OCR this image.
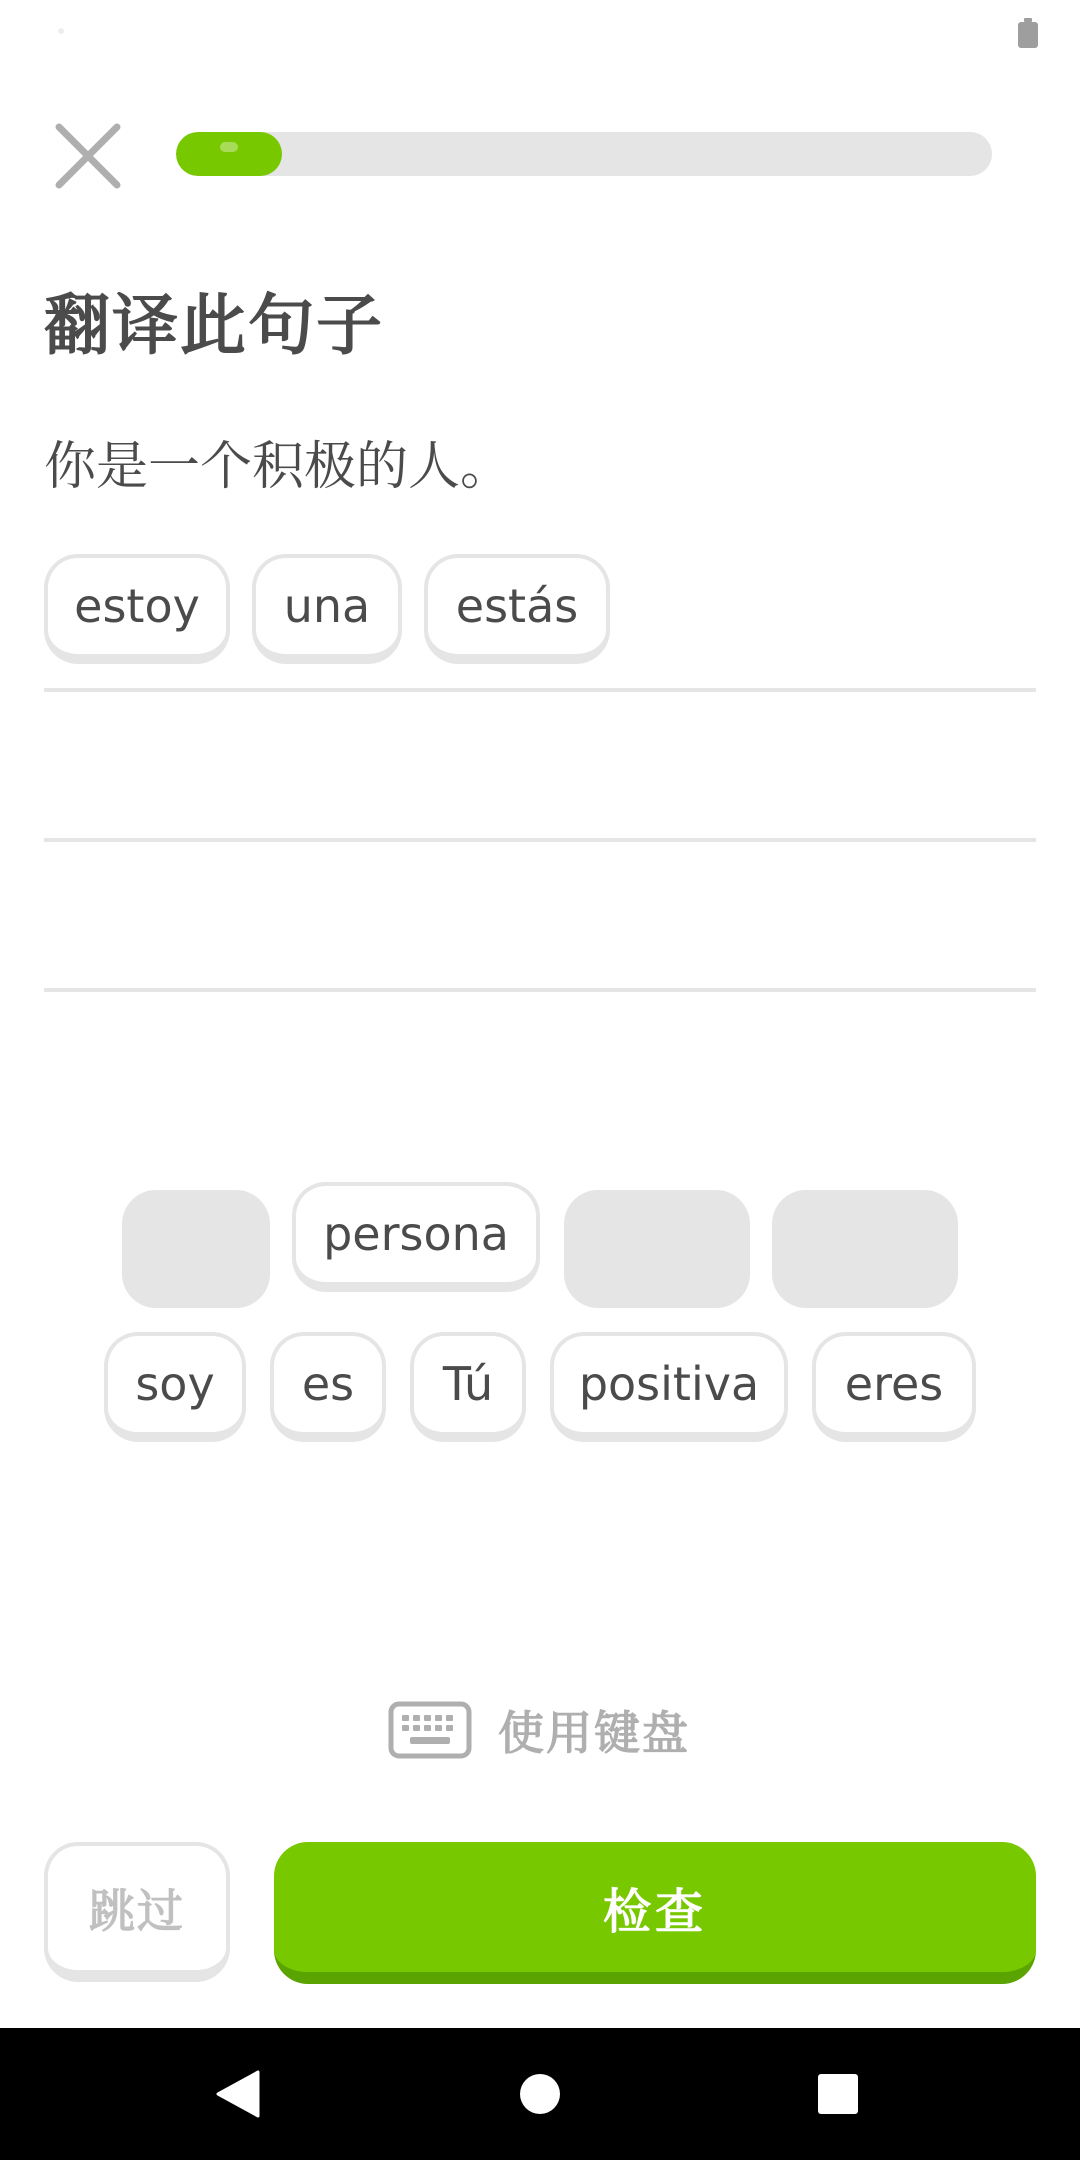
翻译此句子
你是一个积极的人。
estoy	una	estás
persona
soy	es	Tú	positiva	eres
使用键盘
跳过	检查
